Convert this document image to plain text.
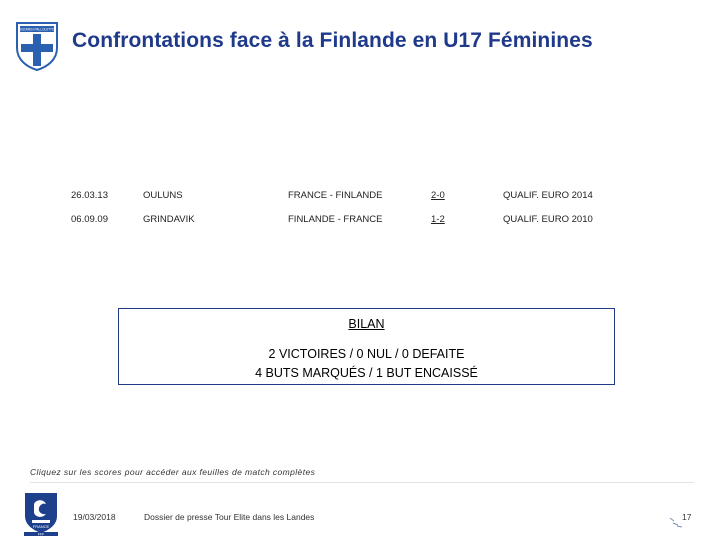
SUOMEN PALLOLIITTO Confrontations face à la Finlande en U17 Féminines
26.03.13	OULUNS	FRANCE - FINLANDE	2-0	QUALIF. EURO 2014
06.09.09	GRINDAVIK	FINLANDE - FRANCE	1-2	QUALIF. EURO 2010
BILAN
2 VICTOIRES / 0 NUL / 0 DEFAITE
4 BUTS MARQUÉS / 1 BUT ENCAISSÉ
Cliquez sur les scores pour accéder aux feuilles de match complètes
FRANCE
FFF
19/03/2018	Dossier de presse Tour Elite dans les Landes	17
